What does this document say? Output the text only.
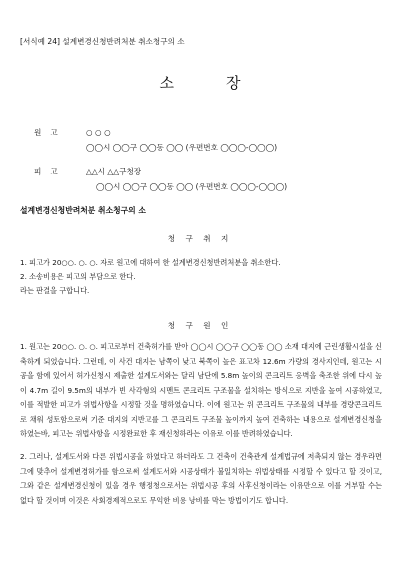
[서식예 24] 설계변경신청반려처분 취소청구의 소
소장
원고	○ ○ ○
◯◯시 ◯◯구 ◯◯동 ◯◯ (우편번호 ◯◯◯-◯◯◯)
피고	△△시 △△구청장
◯◯시 ◯◯구 ◯◯동 ◯◯ (우편번호 ◯◯◯-◯◯◯)
설계변경신청반려처분 취소청구의 소
청 구 취 지
1. 피고가 20○○. ○. ○. 자로 원고에 대하여 한 설계변경신청반려처분을 취소한다.
2. 소송비용은 피고의 부담으로 한다.
라는 판결을 구합니다.
청 구 원 인
1. 원고는 20○○. ○. ○. 피고로부터 건축허가를 받아 ◯◯시 ◯◯구 ◯◯동 ◯◯ 소재 대지에 근린생활시설을 신축하게 되었습니다. 그런데, 이 사건 대지는 남쪽이 낮고 북쪽이 높은 표고차 12.6m 가량의 경사지인데, 원고는 시공을 함에 있어서 허가신청시 제출한 설계도서와는 달리 남단에 5.8m 높이의 콘크리트 옹벽을 축조한 위에 다시 높이 4.7m 길이 9.5m의 내부가 빈 사각형의 시멘트 콘크리트 구조물을 설치하는 방식으로 지반을 높여 시공하였고, 이를 적발한 피고가 위법사항을 시정할 것을 명하였습니다. 이에 원고는 위 콘크리트 구조물의 내부를 경량콘크리트로 채워 성토함으로써 기준 대지의 지반고를 그 콘크리트 구조물 높이까지 높여 건축하는 내용으로 설계변경신청을 하였는바, 피고는 위법사항을 시정완료한 후 재신청하라는 이유로 이를 반려하였습니다.
2. 그러나, 설계도서와 다른 위법시공을 하였다고 하더라도 그 건축이 건축관계 설계법규에 저촉되지 않는 경우라면 그에 맞추어 설계변경허가를 함으로써 설계도서와 시공상태가 불일치하는 위법상태를 시정할 수 있다고 할 것이고, 그와 같은 설계변경신청이 있을 경우 행정청으로서는 위법시공 후의 사후신청이라는 이유만으로 이를 거부할 수는 없다 할 것이며 이것은 사회경제적으로도 무익한 비용 낭비를 막는 방법이기도 합니다.
